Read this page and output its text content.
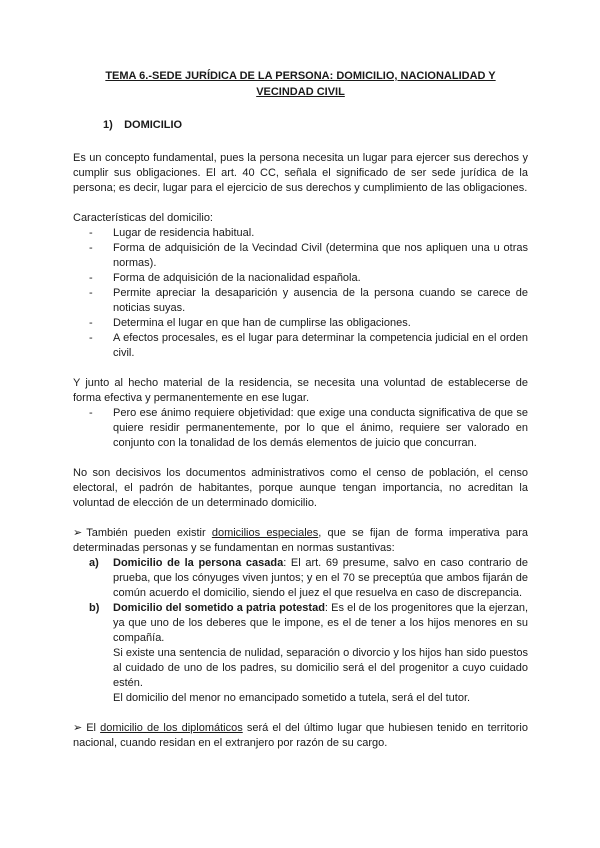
TEMA 6.-SEDE JURÍDICA DE LA PERSONA: DOMICILIO, NACIONALIDAD Y VECINDAD CIVIL
1) DOMICILIO

Es un concepto fundamental, pues la persona necesita un lugar para ejercer sus derechos y cumplir sus obligaciones. El art. 40 CC, señala el significado de ser sede jurídica de la persona; es decir, lugar para el ejercicio de sus derechos y cumplimiento de las obligaciones.

Características del domicilio:

- Lugar de residencia habitual.
- Forma de adquisición de la Vecindad Civil (determina que nos apliquen una u otras normas).
- Forma de adquisición de la nacionalidad española.
- Permite apreciar la desaparición y ausencia de la persona cuando se carece de noticias suyas.
- Determina el lugar en que han de cumplirse las obligaciones.
- A efectos procesales, es el lugar para determinar la competencia judicial en el orden civil.

Y junto al hecho material de la residencia, se necesita una voluntad de establecerse de forma efectiva y permanentemente en ese lugar.

- Pero ese ánimo requiere objetividad: que exige una conducta significativa de que se quiere residir permanentemente, por lo que el ánimo, requiere ser valorado en conjunto con la tonalidad de los demás elementos de juicio que concurran.

No son decisivos los documentos administrativos como el censo de población, el censo electoral, el padrón de habitantes, porque aunque tengan importancia, no acreditan la voluntad de elección de un determinado domicilio.

➢ También pueden existir domicilios especiales, que se fijan de forma imperativa para determinadas personas y se fundamentan en normas sustantivas:

a) Domicilio de la persona casada: El art. 69 presume, salvo en caso contrario de prueba, que los cónyuges viven juntos; y en el 70 se preceptúa que ambos fijarán de común acuerdo el domicilio, siendo el juez el que resuelva en caso de discrepancia.
b) Domicilio del sometido a patria potestad: Es el de los progenitores que la ejerzan, ya que uno de los deberes que le impone, es el de tener a los hijos menores en su compañía.
Si existe una sentencia de nulidad, separación o divorcio y los hijos han sido puestos al cuidado de uno de los padres, su domicilio será el del progenitor a cuyo cuidado estén.
El domicilio del menor no emancipado sometido a tutela, será el del tutor.

➢ El domicilio de los diplomáticos será el del último lugar que hubiesen tenido en territorio nacional, cuando residan en el extranjero por razón de su cargo.
